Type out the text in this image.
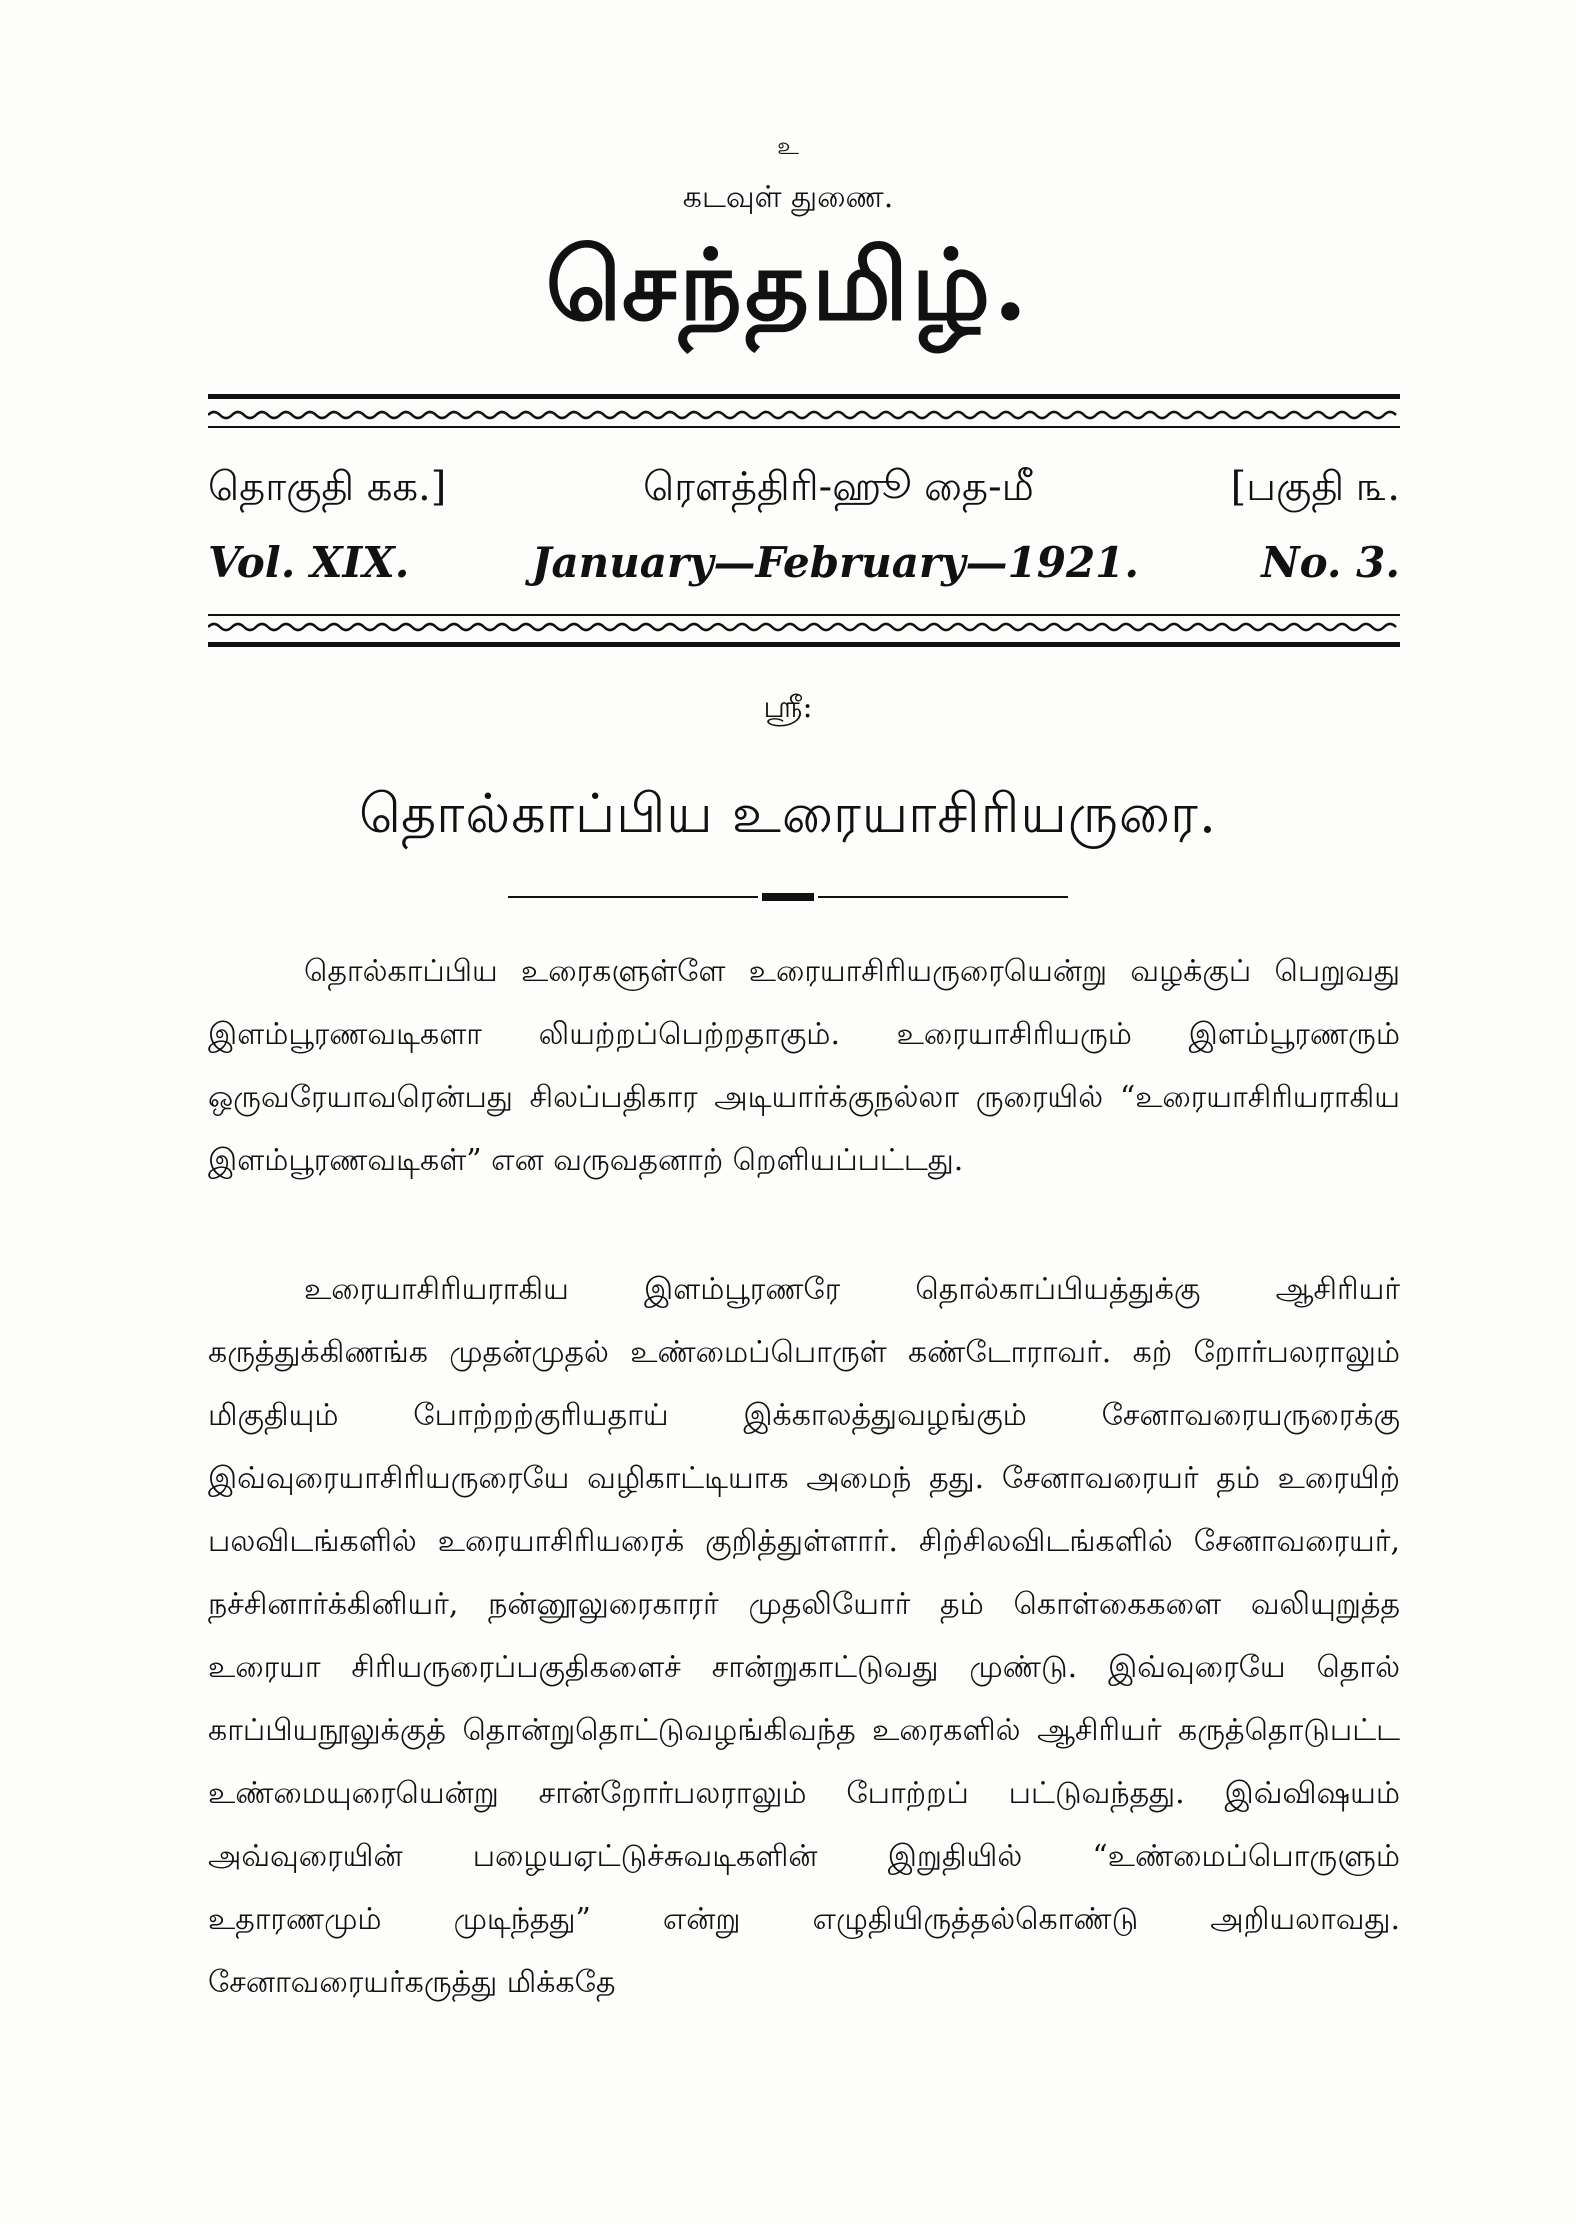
உ
கடவுள் துணை.
செந்தமிழ்.
தொகுதி கக.]	ரௌத்திரி-ஹூ தை-மீ	[பகுதி ௩.
Vol. XIX.	January—February—1921.	No. 3.
ஶ்ரீ:
தொல்காப்பிய உரையாசிரியருரை.

தொல்காப்பிய உரைகளுள்ளே உரையாசிரியருரையென்று வழக்குப் பெறுவது இளம்பூரணவடிகளா லியற்றப்பெற்றதாகும். உரையாசிரியரும் இளம்பூரணரும் ஒருவரேயாவரென்பது சிலப்பதிகார அடியார்க்குநல்லா ருரையில் “உரையாசிரியராகிய இளம்பூரணவடிகள்” என வருவதனாற் றெளியப்பட்டது.

உரையாசிரியராகிய இளம்பூரணரே தொல்காப்பியத்துக்கு ஆசிரியர் கருத்துக்கிணங்க முதன்முதல் உண்மைப்பொருள் கண்டோராவர். கற் றோர்பலராலும் மிகுதியும் போற்றற்குரியதாய் இக்காலத்துவழங்கும் சேனாவரையருரைக்கு இவ்வுரையாசிரியருரையே வழிகாட்டியாக அமைந் தது. சேனாவரையர் தம் உரையிற் பலவிடங்களில் உரையாசிரியரைக் குறித்துள்ளார். சிற்சிலவிடங்களில் சேனாவரையர், நச்சினார்க்கினியர், நன்னூலுரைகாரர் முதலியோர் தம் கொள்கைகளை வலியுறுத்த உரையா சிரியருரைப்பகுதிகளைச் சான்றுகாட்டுவது முண்டு. இவ்வுரையே தொல் காப்பியநூலுக்குத் தொன்றுதொட்டுவழங்கிவந்த உரைகளில் ஆசிரியர் கருத்தொடுபட்ட உண்மையுரையென்று சான்றோர்பலராலும் போற்றப் பட்டுவந்தது. இவ்விஷயம் அவ்வுரையின் பழையஏட்டுச்சுவடிகளின் இறுதியில் “உண்மைப்பொருளும் உதாரணமும் முடிந்தது” என்று எழுதியிருத்தல்கொண்டு அறியலாவது. சேனாவரையர்கருத்து மிக்கதே
